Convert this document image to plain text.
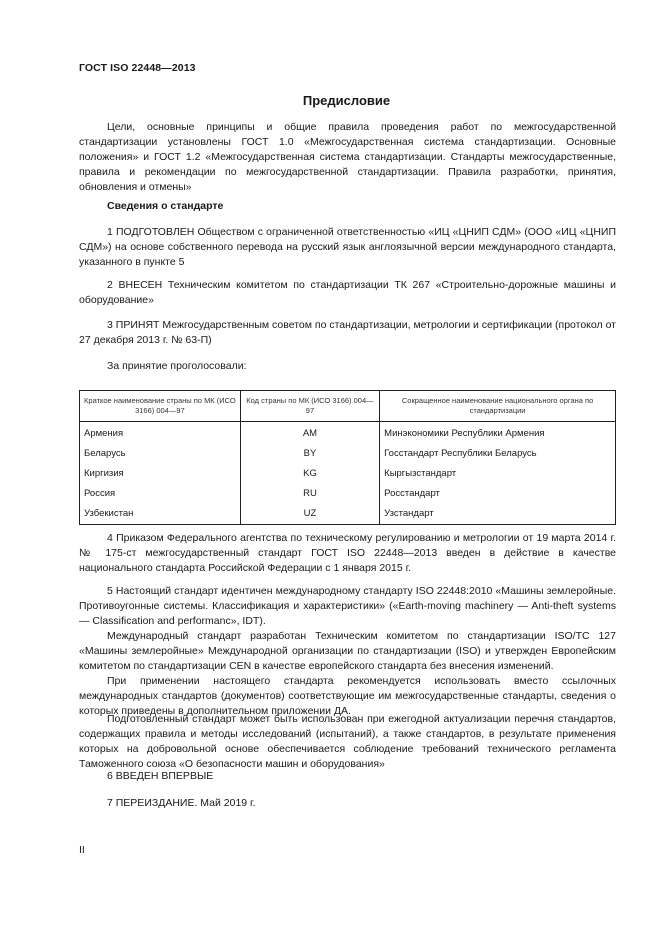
ГОСТ ISO 22448—2013
Предисловие

Цели, основные принципы и общие правила проведения работ по межгосударственной стандартизации установлены ГОСТ 1.0 «Межгосударственная система стандартизации. Основные положения» и ГОСТ 1.2 «Межгосударственная система стандартизации. Стандарты межгосударственные, правила и рекомендации по межгосударственной стандартизации. Правила разработки, принятия, обновления и отмены»

Сведения о стандарте

1 ПОДГОТОВЛЕН Обществом с ограниченной ответственностью «ИЦ «ЦНИП СДМ» (ООО «ИЦ «ЦНИП СДМ») на основе собственного перевода на русский язык англоязычной версии международного стандарта, указанного в пункте 5

2 ВНЕСЕН Техническим комитетом по стандартизации ТК 267 «Строительно-дорожные машины и оборудование»

3 ПРИНЯТ Межгосударственным советом по стандартизации, метрологии и сертификации (протокол от 27 декабря 2013 г. № 63-П)

За принятие проголосовали:

Краткое наименование страны по МК (ИСО 3166) 004—97	Код страны по МК (ИСО 3166) 004—97	Сокращенное наименование национального органа по стандартизации
Армения	AM	Минэкономики Республики Армения
Беларусь	BY	Госстандарт Республики Беларусь
Киргизия	KG	Кыргызстандарт
Россия	RU	Росстандарт
Узбекистан	UZ	Узстандарт

4 Приказом Федерального агентства по техническому регулированию и метрологии от 19 марта 2014 г. № 175-ст межгосударственный стандарт ГОСТ ISO 22448—2013 введен в действие в качестве национального стандарта Российской Федерации с 1 января 2015 г.

5 Настоящий стандарт идентичен международному стандарту ISO 22448:2010 «Машины землеройные. Противоугонные системы. Классификация и характеристики» («Earth-moving machinery — Anti-theft systems — Classification and performanc», IDT).

Международный стандарт разработан Техническим комитетом по стандартизации ISO/TC 127 «Машины землеройные» Международной организации по стандартизации (ISO) и утвержден Европейским комитетом по стандартизации CEN в качестве европейского стандарта без внесения изменений.

При применении настоящего стандарта рекомендуется использовать вместо ссылочных международных стандартов (документов) соответствующие им межгосударственные стандарты, сведения о которых приведены в дополнительном приложении ДА.

Подготовленный стандарт может быть использован при ежегодной актуализации перечня стандартов, содержащих правила и методы исследований (испытаний), а также стандартов, в результате применения которых на добровольной основе обеспечивается соблюдение требований технического регламента Таможенного союза «О безопасности машин и оборудования»

6 ВВЕДЕН ВПЕРВЫЕ

7 ПЕРЕИЗДАНИЕ. Май 2019 г.

II
